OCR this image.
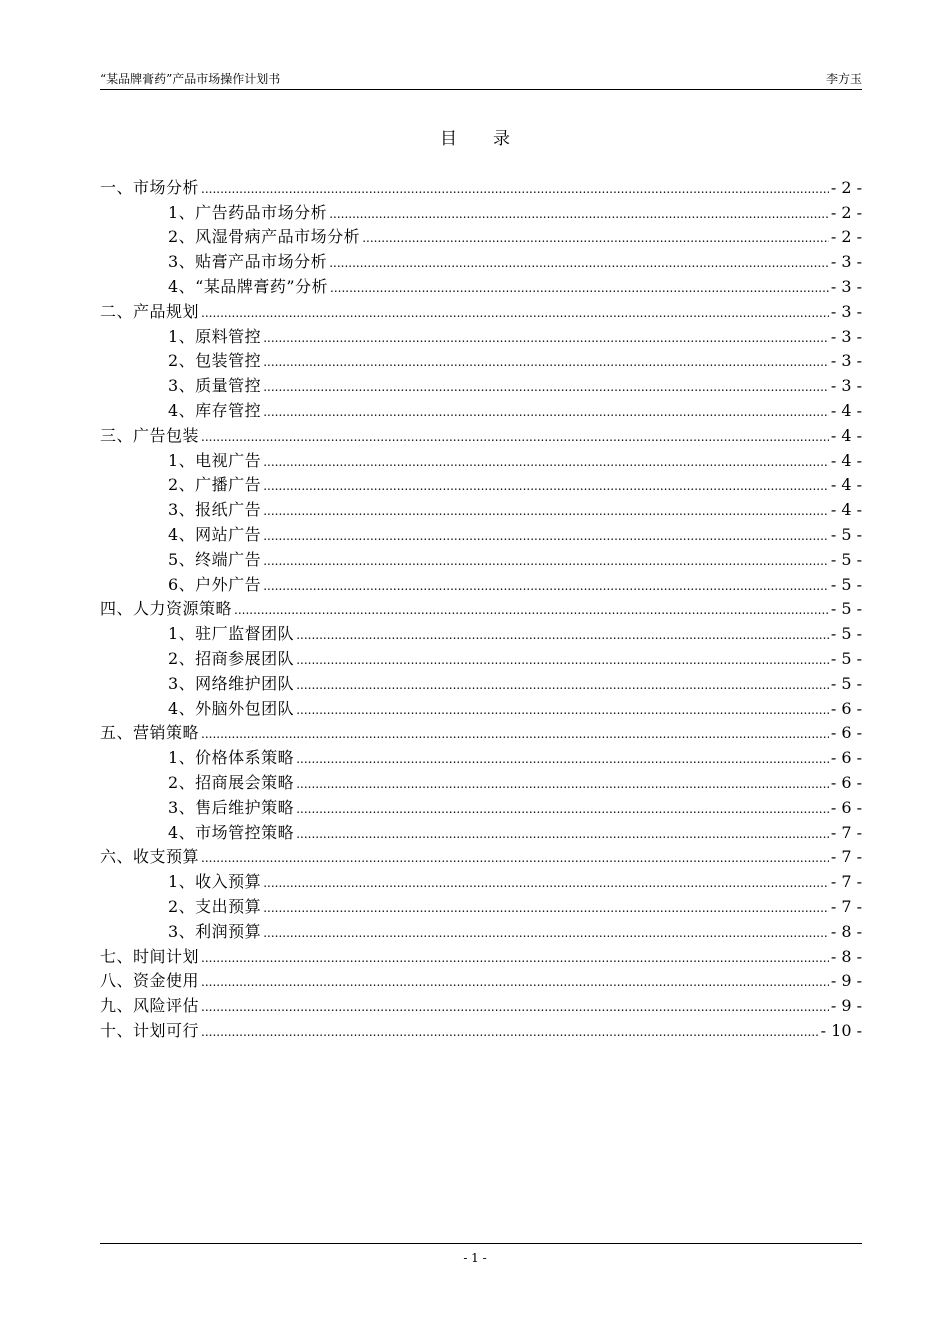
“某品牌膏药”产品市场操作计划书	李方玉
目录
一、市场分析 .....	- 2 -
1、广告药品市场分析 .....	- 2 -
2、风湿骨病产品市场分析 .....	- 2 -
3、贴膏产品市场分析 .....	- 3 -
4、“某品牌膏药”分析 .....	- 3 -
二、产品规划 .....	- 3 -
1、原料管控 .....	- 3 -
2、包装管控 .....	- 3 -
3、质量管控 .....	- 3 -
4、库存管控 .....	- 4 -
三、广告包装 .....	- 4 -
1、电视广告 .....	- 4 -
2、广播广告 .....	- 4 -
3、报纸广告 .....	- 4 -
4、网站广告 .....	- 5 -
5、终端广告 .....	- 5 -
6、户外广告 .....	- 5 -
四、人力资源策略 .....	- 5 -
1、驻厂监督团队 .....	- 5 -
2、招商参展团队 .....	- 5 -
3、网络维护团队 .....	- 5 -
4、外脑外包团队 .....	- 6 -
五、营销策略 .....	- 6 -
1、价格体系策略 .....	- 6 -
2、招商展会策略 .....	- 6 -
3、售后维护策略 .....	- 6 -
4、市场管控策略 .....	- 7 -
六、收支预算 .....	- 7 -
1、收入预算 .....	- 7 -
2、支出预算 .....	- 7 -
3、利润预算 .....	- 8 -
七、时间计划 .....	- 8 -
八、资金使用 .....	- 9 -
九、风险评估 .....	- 9 -
十、计划可行 .....	- 10 -
- 1 -
